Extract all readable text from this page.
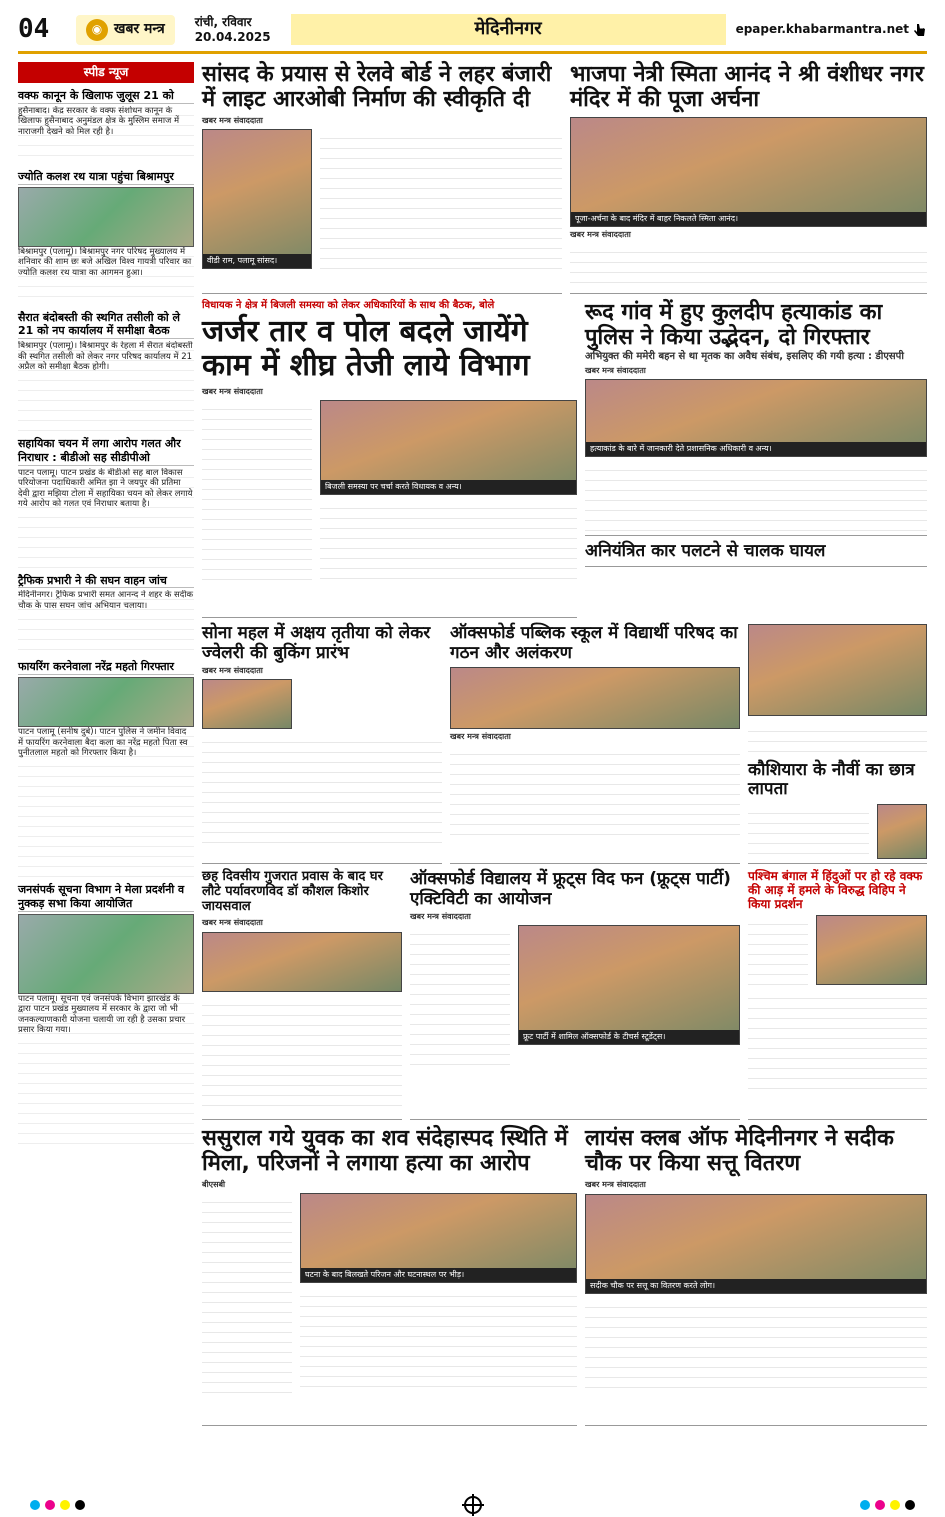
04	◉ खबर मन्त्र	रांची, रविवार
20.04.2025	मेदिनीनगर	epaper.khabarmantra.net
स्पीड न्यूज
वक्फ कानून के खिलाफ जुलूस 21 को

हुसैनाबाद। केंद्र सरकार के वक्फ संशोधन कानून के खिलाफ हुसैनाबाद अनुमंडल क्षेत्र के मुस्लिम समाज में नाराजगी देखने को मिल रही है।

ज्योति कलश रथ यात्रा पहुंचा बिश्रामपुर

बिश्रामपुर (पलामू)। बिश्रामपुर नगर परिषद मुख्यालय में शनिवार की शाम छः बजे अखिल विश्व गायत्री परिवार का ज्योति कलश रथ यात्रा का आगमन हुआ।

सैरात बंदोबस्ती की स्थगित तसीली को ले 21 को नप कार्यालय में समीक्षा बैठक

बिश्रामपुर (पलामू)। बिश्रामपुर के रेहला में सैरात बंदोबस्ती की स्थगित तसीली को लेकर नगर परिषद कार्यालय में 21 अप्रैल को समीक्षा बैठक होगी।

सहायिका चयन में लगा आरोप गलत और निराधार : बीडीओ सह सीडीपीओ

पाटन पलामू। पाटन प्रखंड के बीडीओ सह बाल विकास परियोजना पदाधिकारी अमित झा ने जयपुर की प्रतिमा देवी द्वारा मझिया टोला में सहायिका चयन को लेकर लगाये गये आरोप को गलत एवं निराधार बताया है।

ट्रैफिक प्रभारी ने की सघन वाहन जांच

मेदिनीनगर। ट्रैफिक प्रभारी समत आनन्द ने शहर के सदीक चौक के पास सघन जांच अभियान चलाया।

फायरिंग करनेवाला नरेंद्र महतो गिरफ्तार

पाटन पलामू (सनीष दुबे)। पाटन पुलिस ने जमीन विवाद में फायरिंग करनेवाला बैदा कला का नरेंद्र महतो पिता स्व पुनीतलाल महतो को गिरफ्तार किया है।

जनसंपर्क सूचना विभाग ने मेला प्रदर्शनी व नुक्कड़ सभा किया आयोजित

पाटन पलामू। सूचना एवं जनसंपर्क विभाग झारखंड के द्वारा पाटन प्रखंड मुख्यालय में सरकार के द्वारा जो भी जनकल्याणकारी योजना चलायी जा रही है उसका प्रचार प्रसार किया गया।

सांसद के प्रयास से रेलवे बोर्ड ने लहर बंजारी में लाइट आरओबी निर्माण की स्वीकृति दी
खबर मन्त्र संवाददाता
वीडी राम, पलामू सांसद।
भाजपा नेत्री स्मिता आनंद ने श्री वंशीधर नगर मंदिर में की पूजा अर्चना
पूजा-अर्चना के बाद मंदिर में बाहर निकलते स्मिता आनंद।
खबर मन्त्र संवाददाता
विधायक ने क्षेत्र में बिजली समस्या को लेकर अधिकारियों के साथ की बैठक, बोले
जर्जर तार व पोल बदले जायेंगे काम में शीघ्र तेजी लाये विभाग
खबर मन्त्र संवाददाता
बिजली समस्या पर चर्चा करते विधायक व अन्य।
रूद गांव में हुए कुलदीप हत्याकांड का पुलिस ने किया उद्भेदन, दो गिरफ्तार
अभियुक्त की ममेरी बहन से था मृतक का अवैध संबंध, इसलिए की गयी हत्या : डीएसपी
खबर मन्त्र संवाददाता
हत्याकांड के बारे में जानकारी देते प्रशासनिक अधिकारी व अन्य।
अनियंत्रित कार पलटने से चालक घायल
सोना महल में अक्षय तृतीया को लेकर ज्वेलरी की बुकिंग प्रारंभ
खबर मन्त्र संवाददाता
ऑक्सफोर्ड पब्लिक स्कूल में विद्यार्थी परिषद का गठन और अलंकरण
खबर मन्त्र संवाददाता
कौशियारा के नौवीं का छात्र लापता
छह दिवसीय गुजरात प्रवास के बाद घर लौटे पर्यावरणविद डॉ कौशल किशोर जायसवाल
खबर मन्त्र संवाददाता
ऑक्सफोर्ड विद्यालय में फ्रूट्स विद फन (फ्रूट्स पार्टी) एक्टिविटी का आयोजन
खबर मन्त्र संवाददाता
फ्रूट पार्टी में शामिल ऑक्सफोर्ड के टीचर्स स्टूडेंट्स।
पश्चिम बंगाल में हिंदुओं पर हो रहे वक्फ की आड़ में हमले के विरुद्ध विहिप ने किया प्रदर्शन
ससुराल गये युवक का शव संदेहास्पद स्थिति में मिला, परिजनों ने लगाया हत्या का आरोप
बीएसबी
घटना के बाद बिलखते परिजन और घटनास्थल पर भीड़।
लायंस क्लब ऑफ मेदिनीनगर ने सदीक चौक पर किया सत्तू वितरण
खबर मन्त्र संवाददाता
सदीक चौक पर सत्तू का वितरण करते लोग।
